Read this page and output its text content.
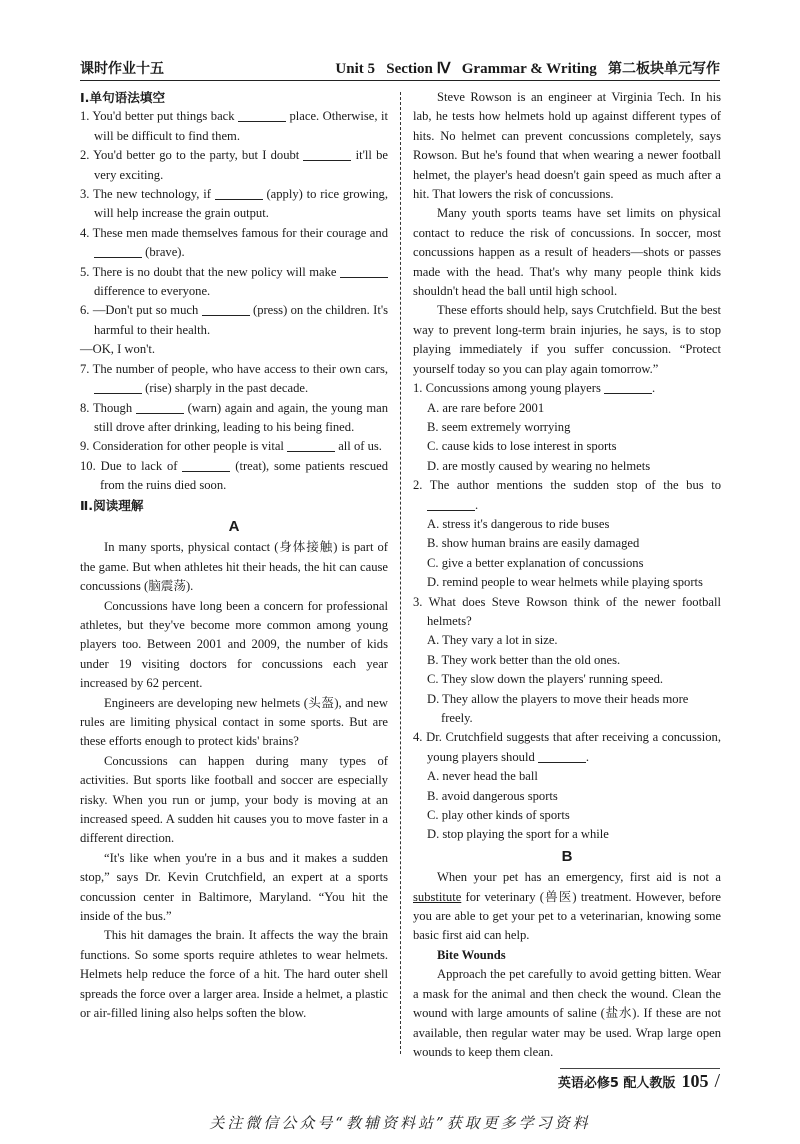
课时作业十五	Unit 5 Section Ⅳ Grammar & Writing 第二板块单元写作
Ⅰ.单句语法填空
1. You'd better put things back	place. Otherwise, it will be difficult to find them.
2. You'd better go to the party, but I doubt	it'll be very exciting.
3. The new technology, if	(apply) to rice growing, will help increase the grain output.
4. These men made themselves famous for their courage and  (brave).
5. There is no doubt that the new policy will make  difference to everyone.
6. —Don't put so much	(press) on the children. It's harmful to their health.
—OK, I won't.
7. The number of people, who have access to their own cars,  (rise) sharply in the past decade.
8. Though	(warn) again and again, the young man still drove after drinking, leading to his being fined.
9. Consideration for other people is vital	all of us.
10. Due to lack of	(treat), some patients rescued from the ruins died soon.
Ⅱ.阅读理解
A
In many sports, physical contact (身体接触) is part of the game. But when athletes hit their heads, the hit can cause concussions (脑震荡).
Concussions have long been a concern for professional athletes, but they've become more common among young players too. Between 2001 and 2009, the number of kids under 19 visiting doctors for concussions each year increased by 62 percent.
Engineers are developing new helmets (头盔), and new rules are limiting physical contact in some sports. But are these efforts enough to protect kids' brains?
Concussions can happen during many types of activities. But sports like football and soccer are especially risky. When you run or jump, your body is moving at an increased speed. A sudden hit causes you to move faster in a different direction.
“It's like when you're in a bus and it makes a sudden stop,” says Dr. Kevin Crutchfield, an expert at a sports concussion center in Baltimore, Maryland. “You hit the inside of the bus.”
This hit damages the brain. It affects the way the brain functions. So some sports require athletes to wear helmets. Helmets help reduce the force of a hit. The hard outer shell spreads the force over a larger area. Inside a helmet, a plastic or air-filled lining also helps soften the blow.
Steve Rowson is an engineer at Virginia Tech. In his lab, he tests how helmets hold up against different types of hits. No helmet can prevent concussions completely, says Rowson. But he's found that when wearing a newer football helmet, the player's head doesn't gain speed as much after a hit. That lowers the risk of concussions.
Many youth sports teams have set limits on physical contact to reduce the risk of concussions. In soccer, most concussions happen as a result of headers—shots or passes made with the head. That's why many people think kids shouldn't head the ball until high school.
These efforts should help, says Crutchfield. But the best way to prevent long-term brain injuries, he says, is to stop playing immediately if you suffer concussion. “Protect yourself today so you can play again tomorrow.”
1. Concussions among young players	.
A. are rare before 2001
B. seem extremely worrying
C. cause kids to lose interest in sports
D. are mostly caused by wearing no helmets
2. The author mentions the sudden stop of the bus to .
A. stress it's dangerous to ride buses
B. show human brains are easily damaged
C. give a better explanation of concussions
D. remind people to wear helmets while playing sports
3. What does Steve Rowson think of the newer football helmets?
A. They vary a lot in size.
B. They work better than the old ones.
C. They slow down the players' running speed.
D. They allow the players to move their heads more freely.
4. Dr. Crutchfield suggests that after receiving a concussion, young players should	.
A. never head the ball
B. avoid dangerous sports
C. play other kinds of sports
D. stop playing the sport for a while
B
When your pet has an emergency, first aid is not a substitute for veterinary (兽医) treatment. However, before you are able to get your pet to a veterinarian, knowing some basic first aid can help.
Bite Wounds
Approach the pet carefully to avoid getting bitten. Wear a mask for the animal and then check the wound. Clean the wound with large amounts of saline (盐水). If these are not available, then regular water may be used. Wrap large open wounds to keep them clean.
英语必修5 配人教版 105 /
关注微信公众号“教辅资料站”获取更多学习资料
